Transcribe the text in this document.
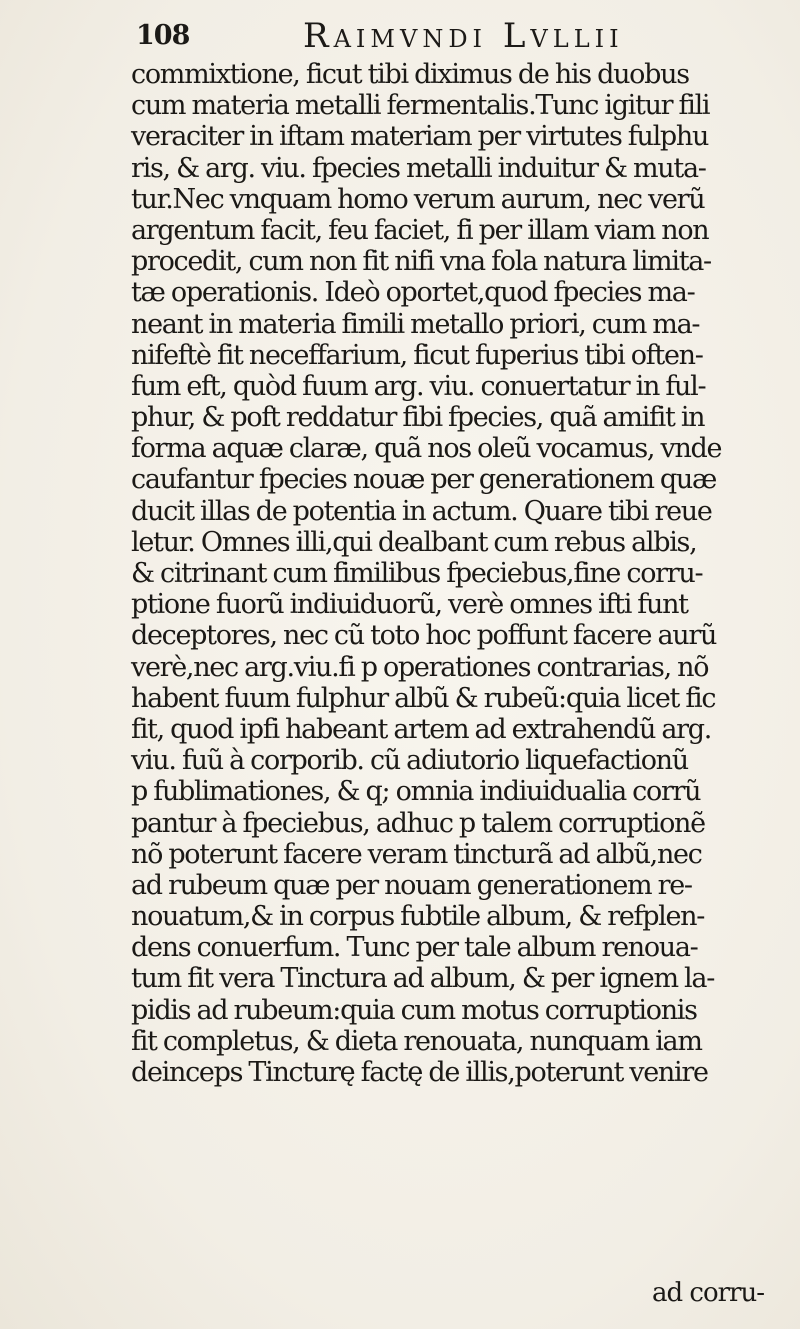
108	Raimvndi Lvllii
commixtione, ficut tibi diximus de his duobus
cum materia metalli fermentalis.Tunc igitur fili
veraciter in iftam materiam per virtutes fulphu
ris, & arg. viu. fpecies metalli induitur & muta-
tur.Nec vnquam homo verum aurum, nec verũ
argentum facit, feu faciet, fi per illam viam non
procedit, cum non fit nifi vna fola natura limita-
tæ operationis. Ideò oportet,quod fpecies ma-
neant in materia fimili metallo priori, cum ma-
nifeftè fit neceffarium, ficut fuperius tibi often-
fum eft, quòd fuum arg. viu. conuertatur in ful-
phur, & poft reddatur fibi fpecies, quã amifit in
forma aquæ claræ, quã nos oleũ vocamus, vnde
caufantur fpecies nouæ per generationem quæ
ducit illas de potentia in actum. Quare tibi reue
letur. Omnes illi,qui dealbant cum rebus albis,
& citrinant cum fimilibus fpeciebus,fine corru-
ptione fuorũ indiuiduorũ, verè omnes ifti funt
deceptores, nec cũ toto hoc poffunt facere aurũ
verè,nec arg.viu.fi p operationes contrarias, nõ
habent fuum fulphur albũ & rubeũ:quia licet fic
fit, quod ipfi habeant artem ad extrahendũ arg.
viu. fuũ à corporib. cũ adiutorio liquefactionũ
p fublimationes, & q; omnia indiuidualia corrũ
pantur à fpeciebus, adhuc p talem corruptionẽ
nõ poterunt facere veram tincturã ad albũ,nec
ad rubeum quæ per nouam generationem re-
nouatum,& in corpus fubtile album, & refplen-
dens conuerfum. Tunc per tale album renoua-
tum fit vera Tinctura ad album, & per ignem la-
pidis ad rubeum:quia cum motus corruptionis
fit completus, & dieta renouata, nunquam iam
deinceps Tincturę factę de illis,poterunt venire
ad corru-
